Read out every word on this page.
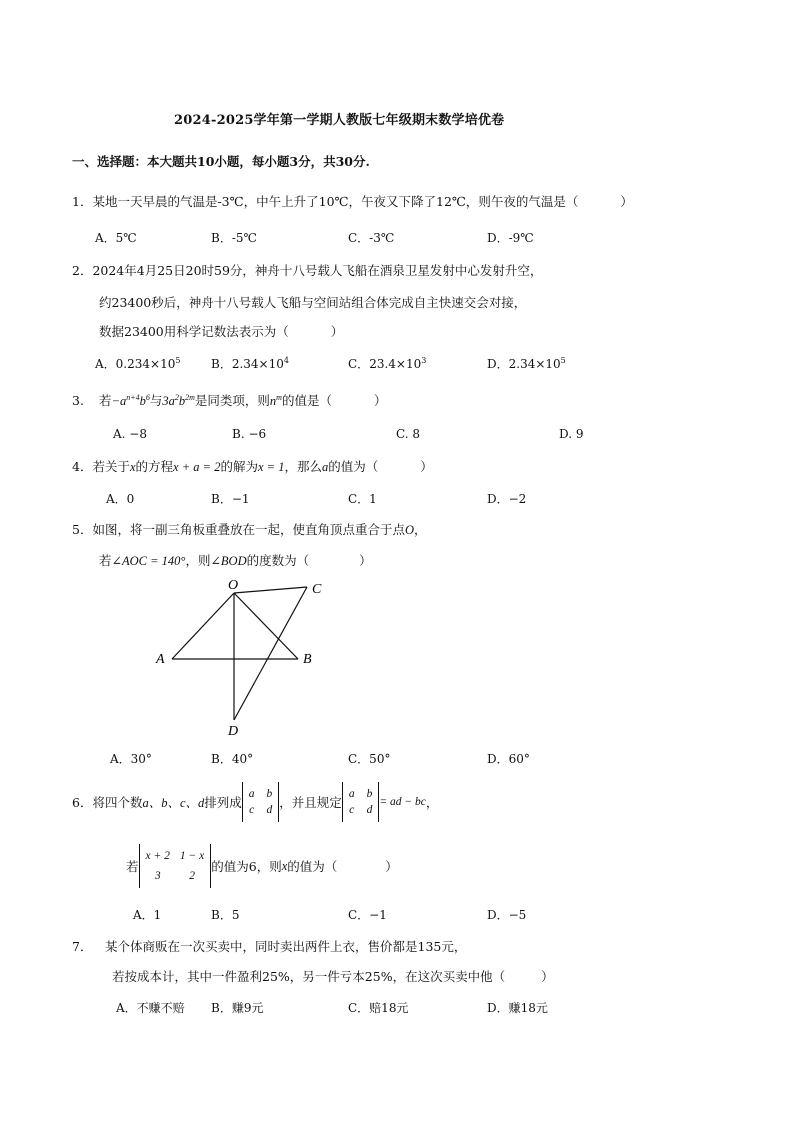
2024-2025学年第一学期人教版七年级期末数学培优卷
一、选择题：本大题共10小题，每小题3分，共30分.
1．某地一天早晨的气温是-3℃，中午上升了10℃，午夜又下降了12℃，则午夜的气温是（	）
A．5℃	B．-5℃	C．-3℃	D．-9℃
2．2024年4月25日20时59分，神舟十八号载人飞船在酒泉卫星发射中心发射升空，
约23400秒后，神舟十八号载人飞船与空间站组合体完成自主快速交会对接，
数据23400用科学记数法表示为（	）
A．$0.234\times 10^5$	B．$2.34\times 10^4$	C．$23.4\times 10^3$	D．$2.34\times 10^5$
3. 若$-a^{n+4}b^6$与$3a^2b^{2m}$是同类项，则$n^m$的值是（	）
A. −8	B. −6	C. 8	D. 9
4．若关于x的方程x + a = 2的解为x = 1，那么a的值为（	）
A．0	B．−1	C．1	D．−2
5．如图，将一副三角板重叠放在一起，使直角顶点重合于点O，
若∠AOC = 140°，则∠BOD的度数为（	）
O	C
A	B
D
A．30°	B．40°	C．50°	D．60°
6． 将四个数 a、b、c、d 排列成
a b
c d ，并且规定
a b
c d
= ad − bc ，
若
x + 2 1 − x
3	2
的值为6，则 x 的值为（	）
A．1	B．5	C．−1	D．−5
7． 某个体商贩在一次买卖中，同时卖出两件上衣，售价都是135元，
若按成本计，其中一件盈利25%，另一件亏本25%，在这次买卖中他（	）
A．不赚不赔 B．赚9元	C．赔18元	D．赚18元
